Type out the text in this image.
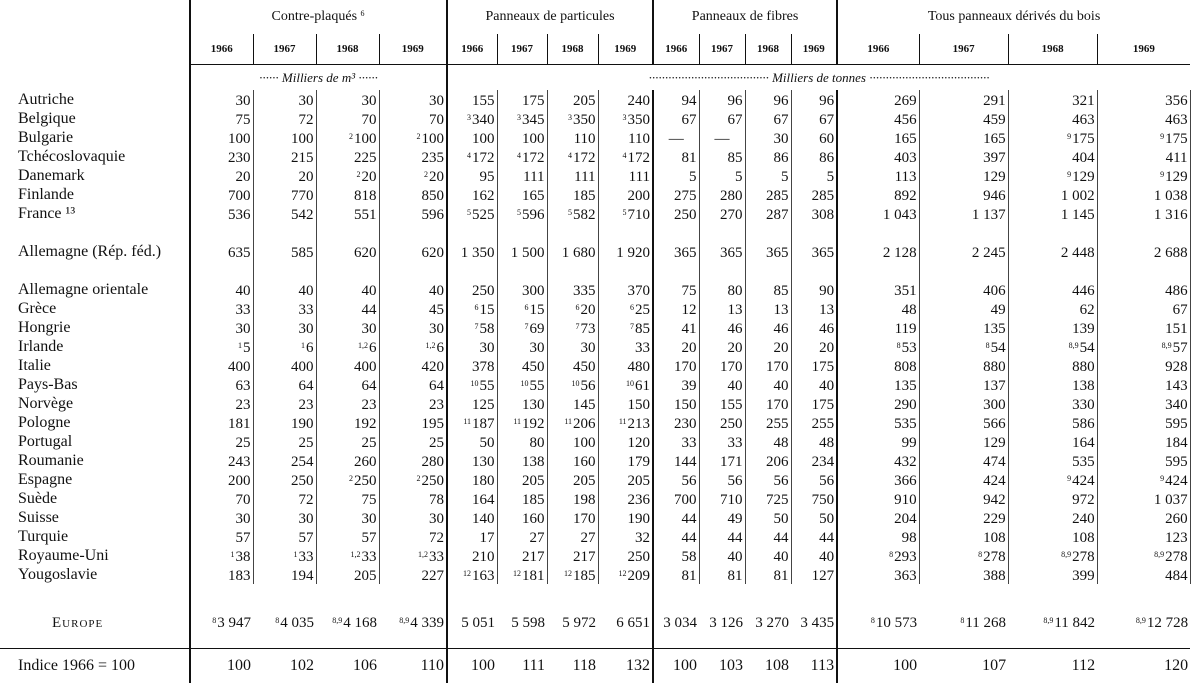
	Contre-plaqués $^6$				Panneaux de particules				Panneaux de fibres				Tous panneaux dérivés du bois			
	1966	1967	1968	1969	1966	1967	1968	1969	1966	1967	1968	1969	1966	1967	1968	1969
	······ Milliers de m³ ······				····································· Milliers de tonnes ·····································											
Autriche	30	30	30	30	155	175	205	240	94	96	96	96	269	291	321	356
Belgique	75	72	70	70	$^3$340	$^3$345	$^3$350	$^3$350	67	67	67	67	456	459	463	463
Bulgarie	100	100	$^2$100	$^2$100	100	100	110	110	—	—	30	60	165	165	$^9$175	$^9$175
Tchécoslovaquie	230	215	225	235	$^4$172	$^4$172	$^4$172	$^4$172	81	85	86	86	403	397	404	411
Danemark	20	20	$^2$20	$^2$20	95	111	111	111	5	5	5	5	113	129	$^9$129	$^9$129
Finlande	700	770	818	850	162	165	185	200	275	280	285	285	892	946	1 002	1 038
France ¹³	536	542	551	596	$^5$525	$^5$596	$^5$582	$^5$710	250	270	287	308	1 043	1 137	1 145	1 316
Allemagne (Rép. féd.)	635	585	620	620	1 350	1 500	1 680	1 920	365	365	365	365	2 128	2 245	2 448	2 688
Allemagne orientale	40	40	40	40	250	300	335	370	75	80	85	90	351	406	446	486
Grèce	33	33	44	45	$^6$15	$^6$15	$^6$20	$^6$25	12	13	13	13	48	49	62	67
Hongrie	30	30	30	30	$^7$58	$^7$69	$^7$73	$^7$85	41	46	46	46	119	135	139	151
Irlande	$^1$5	$^1$6	$^{1,2}$6	$^{1,2}$6	30	30	30	33	20	20	20	20	$^8$53	$^8$54	$^{8,9}$54	$^{8,9}$57
Italie	400	400	400	420	378	450	450	480	170	170	170	175	808	880	880	928
Pays-Bas	63	64	64	64	$^{10}$55	$^{10}$55	$^{10}$56	$^{10}$61	39	40	40	40	135	137	138	143
Norvège	23	23	23	23	125	130	145	150	150	155	170	175	290	300	330	340
Pologne	181	190	192	195	$^{11}$187	$^{11}$192	$^{11}$206	$^{11}$213	230	250	255	255	535	566	586	595
Portugal	25	25	25	25	50	80	100	120	33	33	48	48	99	129	164	184
Roumanie	243	254	260	280	130	138	160	179	144	171	206	234	432	474	535	595
Espagne	200	250	$^2$250	$^2$250	180	205	205	205	56	56	56	56	366	424	$^9$424	$^9$424
Suède	70	72	75	78	164	185	198	236	700	710	725	750	910	942	972	1 037
Suisse	30	30	30	30	140	160	170	190	44	49	50	50	204	229	240	260
Turquie	57	57	57	72	17	27	27	32	44	44	44	44	98	108	108	123
Royaume-Uni	$^1$38	$^1$33	$^{1,2}$33	$^{1,2}$33	210	217	217	250	58	40	40	40	$^8$293	$^8$278	$^{8,9}$278	$^{8,9}$278
Yougoslavie	183	194	205	227	$^{12}$163	$^{12}$181	$^{12}$185	$^{12}$209	81	81	81	127	363	388	399	484

Europe	$^8$3 947	$^8$4 035	$^{8,9}$4 168	$^{8,9}$4 339	5 051	5 598	5 972	6 651	3 034	3 126	3 270	3 435	$^8$10 573	$^8$11 268	$^{8,9}$11 842	$^{8,9}$12 728

Indice 1966 = 100	100	102	106	110	100	111	118	132	100	103	108	113	100	107	112	120
